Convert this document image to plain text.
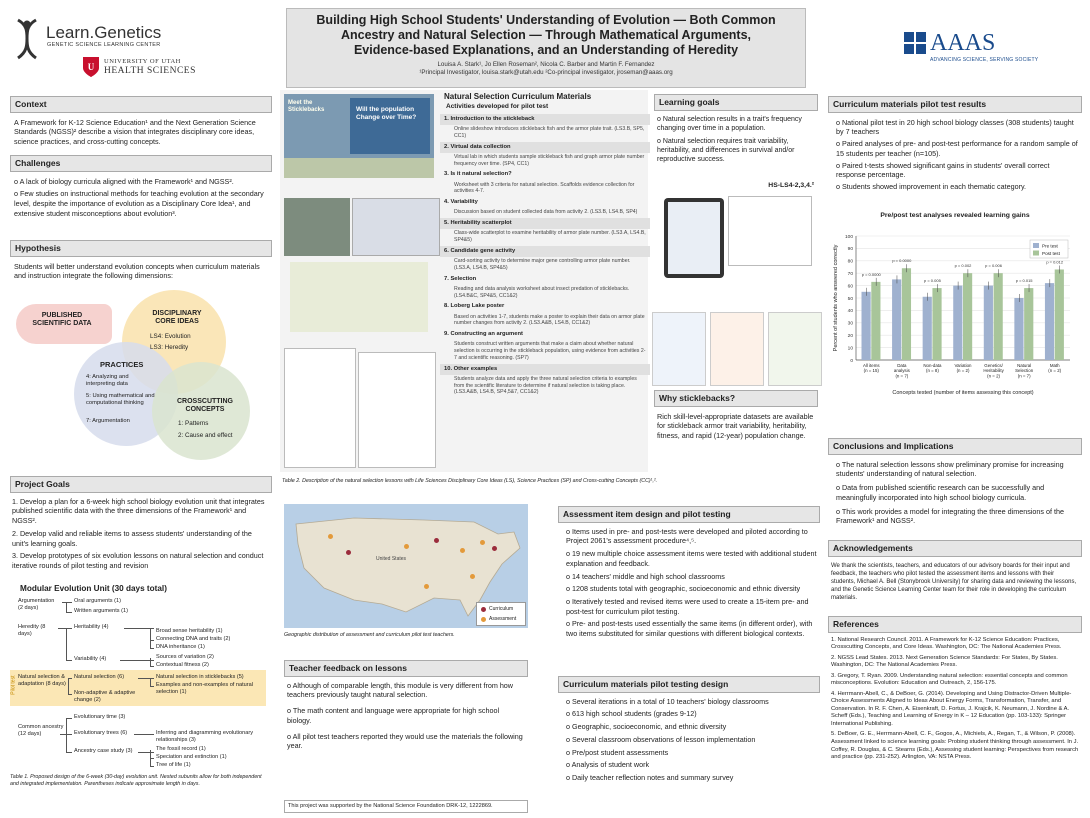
Learn.Genetics
GENETIC SCIENCE LEARNING CENTER
U
UNIVERSITY OF UTAH
HEALTH SCIENCES
Building High School Students' Understanding of Evolution — Both Common
Ancestry and Natural Selection — Through Mathematical Arguments,
Evidence-based Explanations, and an Understanding of Heredity
Louisa A. Stark¹, Jo Ellen Roseman², Nicola C. Barber and Martin F. Fernandez
¹Principal Investigator, louisa.stark@utah.edu ²Co-principal investigator, jroseman@aaas.org
AAAS
ADVANCING SCIENCE, SERVING SOCIETY
Context
A Framework for K-12 Science Education¹ and the Next Generation Science Standards (NGSS)² describe a vision that integrates disciplinary core ideas, science practices, and cross-cutting concepts.
Challenges
o A lack of biology curricula aligned with the Framework¹ and NGSS².
o Few studies on instructional methods for teaching evolution at the secondary level, despite the importance of evolution as a Disciplinary Core Idea¹, and extensive student misconceptions about evolution³.
Hypothesis
Students will better understand evolution concepts when curriculum materials and instruction integrate the following dimensions:
PUBLISHED SCIENTIFIC DATA
DISCIPLINARY CORE IDEAS
LS4: Evolution
LS3: Heredity
PRACTICES
4: Analyzing and interpreting data
5: Using mathematical and computational thinking
7: Argumentation
CROSSCUTTING CONCEPTS
1: Patterns
2: Cause and effect
Project Goals
1. Develop a plan for a 6-week high school biology evolution unit that integrates published scientific data with the three dimensions of the Framework¹ and NGSS².
2. Develop valid and reliable items to assess students' understanding of the unit's learning goals.
3. Develop prototypes of six evolution lessons on natural selection and conduct iterative rounds of pilot testing and revision
Modular Evolution Unit (30 days total)
Pilot test
Argumentation (2 days)
Oral arguments (1)
Written arguments (1)
Heredity (8 days)
Heritability (4)
Broad sense heritability (1)
Connecting DNA and traits (2)
DNA inheritance (1)
Variability (4)	Sources of variation (2)
Contextual fitness (2)
Natural selection & adaptation (8 days)
Natural selection (6)	Natural selection in sticklebacks (5)
Examples and non-examples of natural selection (1)
Non-adaptive & adaptive change (2)
Common ancestry (12 days)
Evolutionary time (3)
Evolutionary trees (6)	Inferring and diagramming evolutionary relationships (3)
Ancestry case study (3)	The fossil record (1)
Speciation and extinction (1)
Tree of life (1)
Table 1. Proposed design of the 6-week (30-day) evolution unit. Nested subunits allow for both independent and integrated implementation. Parentheses indicate approximate length in days.
Meet the Sticklebacks	Will the population Change over Time?
Natural Selection Curriculum Materials
Activities developed for pilot test
1. Introduction to the stickleback
Online slideshow introduces stickleback fish and the armor plate trait. (LS3.B, SP5, CC1)
2. Virtual data collection
Virtual lab in which students sample stickleback fish and graph armor plate number frequency over time. (SP4, CC1)
3. Is it natural selection?
Worksheet with 3 criteria for natural selection. Scaffolds evidence collection for activities 4-7.
4. Variability
Discussion based on student collected data from activity 2. (LS3.B, LS4.B, SP4)
5. Heritability scatterplot
Class-wide scatterplot to examine heritability of armor plate number. (LS3.A, LS4.B, SP4&5)
6. Candidate gene activity
Card-sorting activity to determine major gene controlling armor plate number. (LS3.A, LS4.B, SP4&5)
7. Selection
Reading and data analysis worksheet about insect predation of sticklebacks. (LS4.B&C, SP4&5, CC1&2)
8. Loberg Lake poster
Based on activities 1-7, students make a poster to explain their data on armor plate number changes from activity 2. (LS3.A&B, LS4.B, CC1&2)
9. Constructing an argument
Students construct written arguments that make a claim about whether natural selection is occurring in the stickleback population, using evidence from activities 2-7 and scientific reasoning. (SP7)
10. Other examples
Students analyze data and apply the three natural selection criteria to examples from the scientific literature to determine if natural selection is taking place. (LS3.A&B, LS4.B, SP4,5&7, CC1&2)
Learning goals
o Natural selection results in a trait's frequency changing over time in a population.
o Natural selection requires trait variability, heritability, and differences in survival and/or reproductive success.
HS-LS4-2,3,4.²
Why sticklebacks?
Rich skill-level-appropriate datasets are available for stickleback armor trait variability, heritability, fitness, and rapid (12-year) population change.
Table 2. Description of the natural selection lessons with Life Sciences Disciplinary Core Ideas (LS), Science Practices (SP) and Cross-cutting Concepts (CC)¹,².
United States
Curriculum
Assessment
Geographic distribution of assessment and curriculum pilot test teachers.
Teacher feedback on lessons
o Although of comparable length, this module is very different from how teachers previously taught natural selection.
o The math content and language were appropriate for high school biology.
o All pilot test teachers reported they would use the materials the following year.
This project was supported by the National Science Foundation DRK-12, 1222869.
Assessment item design and pilot testing
o Items used in pre- and post-tests were developed and piloted according to Project 2061's assessment procedure⁴,⁵.
o 19 new multiple choice assessment items were tested with additional student explanation and feedback.
o 14 teachers' middle and high school classrooms
o 1208 students total with geographic, socioeconomic and ethnic diversity
o Iteratively tested and revised items were used to create a 15-item pre- and post-test for curriculum pilot testing.
o Pre- and post-tests used essentially the same items (in different order), with two items substituted for similar questions with different biological contexts.
Curriculum materials pilot testing design
o Several iterations in a total of 10 teachers' biology classrooms
o 613 high school students (grades 9-12)
o Geographic, socioeconomic, and ethnic diversity
o Several classroom observations of lesson implementation
o Pre/post student assessments
o Analysis of student work
o Daily teacher reflection notes and summary survey
Curriculum materials pilot test results
o National pilot test in 20 high school biology classes (308 students) taught by 7 teachers
o Paired analyses of pre- and post-test performance for a random sample of 15 students per teacher (n=105).
o Paired t-tests showed significant gains in students' overall correct response percentage.
o Students showed improvement in each thematic category.
Pre/post test analyses revealed learning gains
0
10
20
30
40
50
60
70
80
90
100
Percent of students who answered correctly	p = 0.0000
All items (n = 15)
p = 0.0000
Data analysis (n = 7)
p = 0.005
Non-data (n = 8)
p = 0.002
Variation (n = 2)
p = 0.006
Genetics/ Heritability (n = 2)
p = 0.015
Natural Selection (n = 7)
p = 0.012
Math (n = 2)
Pre test
Post test
Concepts tested (number of items assessing this concept)
Conclusions and Implications
o The natural selection lessons show preliminary promise for increasing students' understanding of natural selection.
o Data from published scientific research can be successfully and meaningfully incorporated into high school biology curricula.
o This work provides a model for integrating the three dimensions of the Framework¹ and NGSS².
Acknowledgements
We thank the scientists, teachers, and educators of our advisory boards for their input and feedback, the teachers who pilot tested the assessment items and lessons with their students, Michael A. Bell (Stonybrook University) for sharing data and reviewing the lessons, and the Genetic Science Learning Center team for their role in developing the curriculum materials.
References
1. National Research Council. 2011. A Framework for K-12 Science Education: Practices, Crosscutting Concepts, and Core Ideas. Washington, DC: The National Academies Press.
2. NGSS Lead States. 2013. Next Generation Science Standards: For States, By States. Washington, DC: The National Academies Press.
3. Gregory, T. Ryan. 2009. Understanding natural selection: essential concepts and common misconceptions. Evolution: Education and Outreach, 2, 156-175.
4. Herrmann-Abell, C., & DeBoer, G. (2014). Developing and Using Distractor-Driven Multiple-Choice Assessments Aligned to Ideas About Energy Forms, Transformation, Transfer, and Conservation. In R. F. Chen, A. Eisenkraft, D. Fortus, J. Krajcik, K. Neumann, J. Nordine & A. Scheff (Eds.), Teaching and Learning of Energy in K – 12 Education (pp. 103-133): Springer International Publishing.
5. DeBoer, G. E., Herrmann-Abell, C. F., Gogos, A., Michiels, A., Regan, T., & Wilson, P. (2008). Assessment linked to science learning goals: Probing student thinking through assessment. In J. Coffey, R. Douglas, & C. Stearns (Eds.), Assessing student learning: Perspectives from research and practice (pp. 231-252). Arlington, VA: NSTA Press.
